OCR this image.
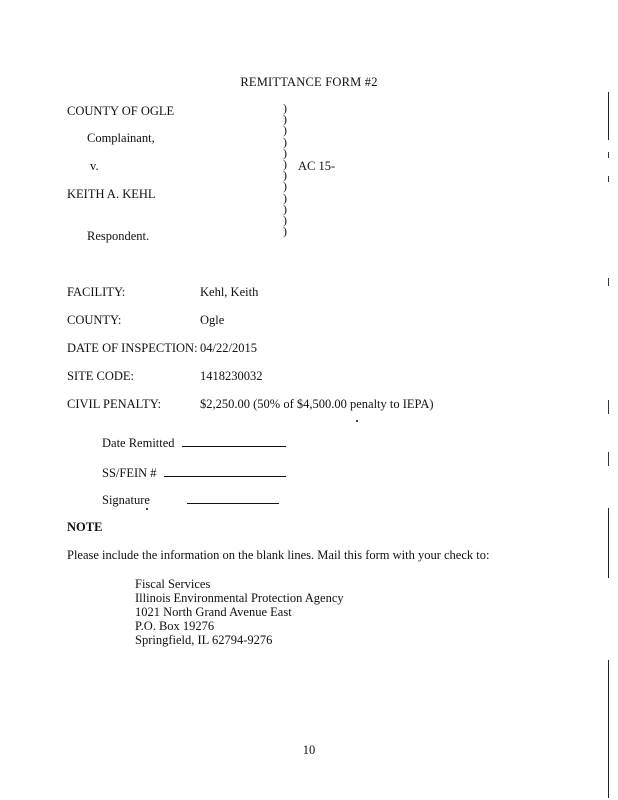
REMITTANCE FORM #2
COUNTY OF OGLE
Complainant,
v.	AC 15-
KEITH A. KEHL
Respondent.
)
)
)
)
)
)
)
)
)
)
)
)
FACILITY:	Kehl, Keith
COUNTY:	Ogle
DATE OF INSPECTION: 04/22/2015
SITE CODE:	1418230032
CIVIL PENALTY:	$2,250.00 (50% of $4,500.00 penalty to IEPA)
Date Remitted
SS/FEIN #
Signature
NOTE
Please include the information on the blank lines. Mail this form with your check to:
Fiscal Services
Illinois Environmental Protection Agency
1021 North Grand Avenue East
P.O. Box 19276
Springfield, IL 62794-9276
10
